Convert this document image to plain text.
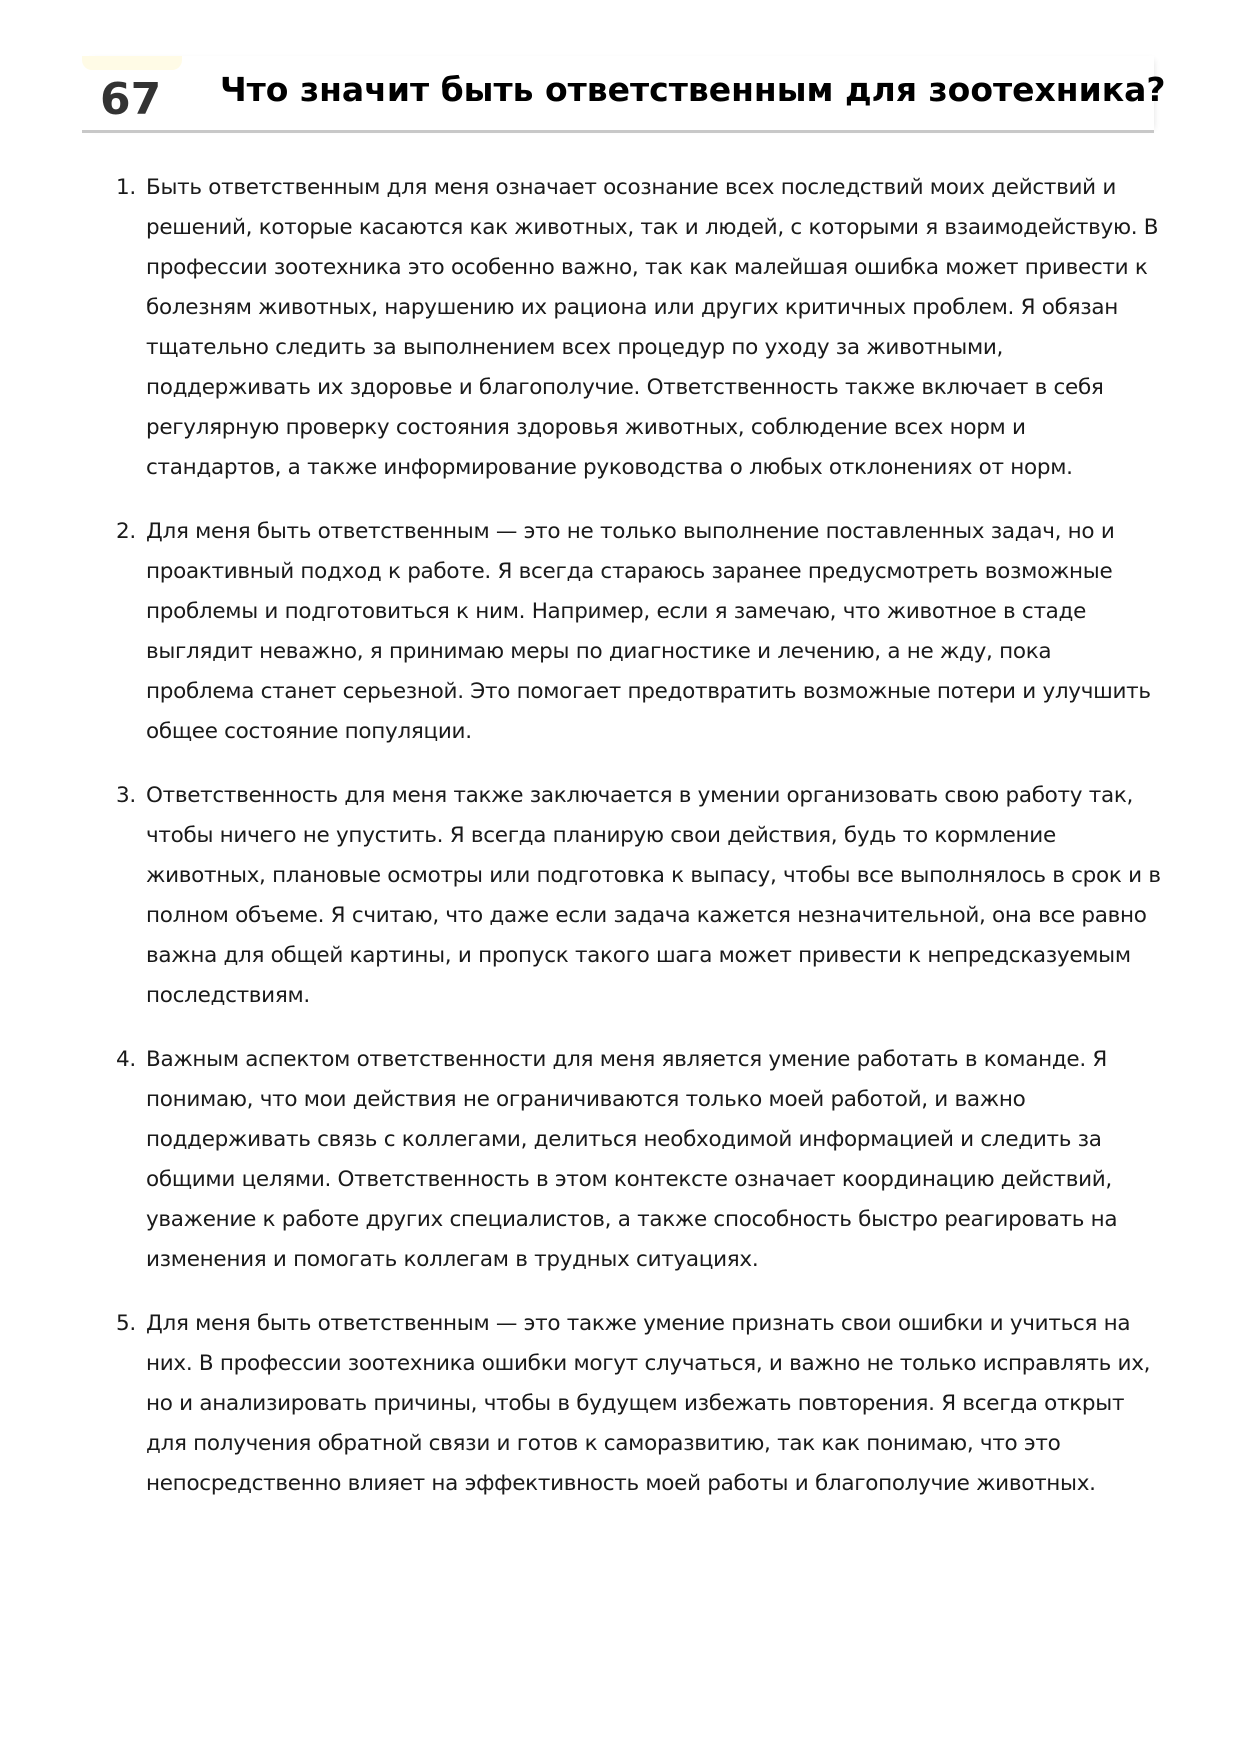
67 Что значит быть ответственным для зоотехника?
1. Быть ответственным для меня означает осознание всех последствий моих действий и решений, которые касаются как животных, так и людей, с которыми я взаимодействую. В профессии зоотехника это особенно важно, так как малейшая ошибка может привести к болезням животных, нарушению их рациона или других критичных проблем. Я обязан тщательно следить за выполнением всех процедур по уходу за животными, поддерживать их здоровье и благополучие. Ответственность также включает в себя регулярную проверку состояния здоровья животных, соблюдение всех норм и стандартов, а также информирование руководства о любых отклонениях от норм.
2. Для меня быть ответственным — это не только выполнение поставленных задач, но и проактивный подход к работе. Я всегда стараюсь заранее предусмотреть возможные проблемы и подготовиться к ним. Например, если я замечаю, что животное в стаде выглядит неважно, я принимаю меры по диагностике и лечению, а не жду, пока проблема станет серьезной. Это помогает предотвратить возможные потери и улучшить общее состояние популяции.
3. Ответственность для меня также заключается в умении организовать свою работу так, чтобы ничего не упустить. Я всегда планирую свои действия, будь то кормление животных, плановые осмотры или подготовка к выпасу, чтобы все выполнялось в срок и в полном объеме. Я считаю, что даже если задача кажется незначительной, она все равно важна для общей картины, и пропуск такого шага может привести к непредсказуемым последствиям.
4. Важным аспектом ответственности для меня является умение работать в команде. Я понимаю, что мои действия не ограничиваются только моей работой, и важно поддерживать связь с коллегами, делиться необходимой информацией и следить за общими целями. Ответственность в этом контексте означает координацию действий, уважение к работе других специалистов, а также способность быстро реагировать на изменения и помогать коллегам в трудных ситуациях.
5. Для меня быть ответственным — это также умение признать свои ошибки и учиться на них. В профессии зоотехника ошибки могут случаться, и важно не только исправлять их, но и анализировать причины, чтобы в будущем избежать повторения. Я всегда открыт для получения обратной связи и готов к саморазвитию, так как понимаю, что это непосредственно влияет на эффективность моей работы и благополучие животных.
